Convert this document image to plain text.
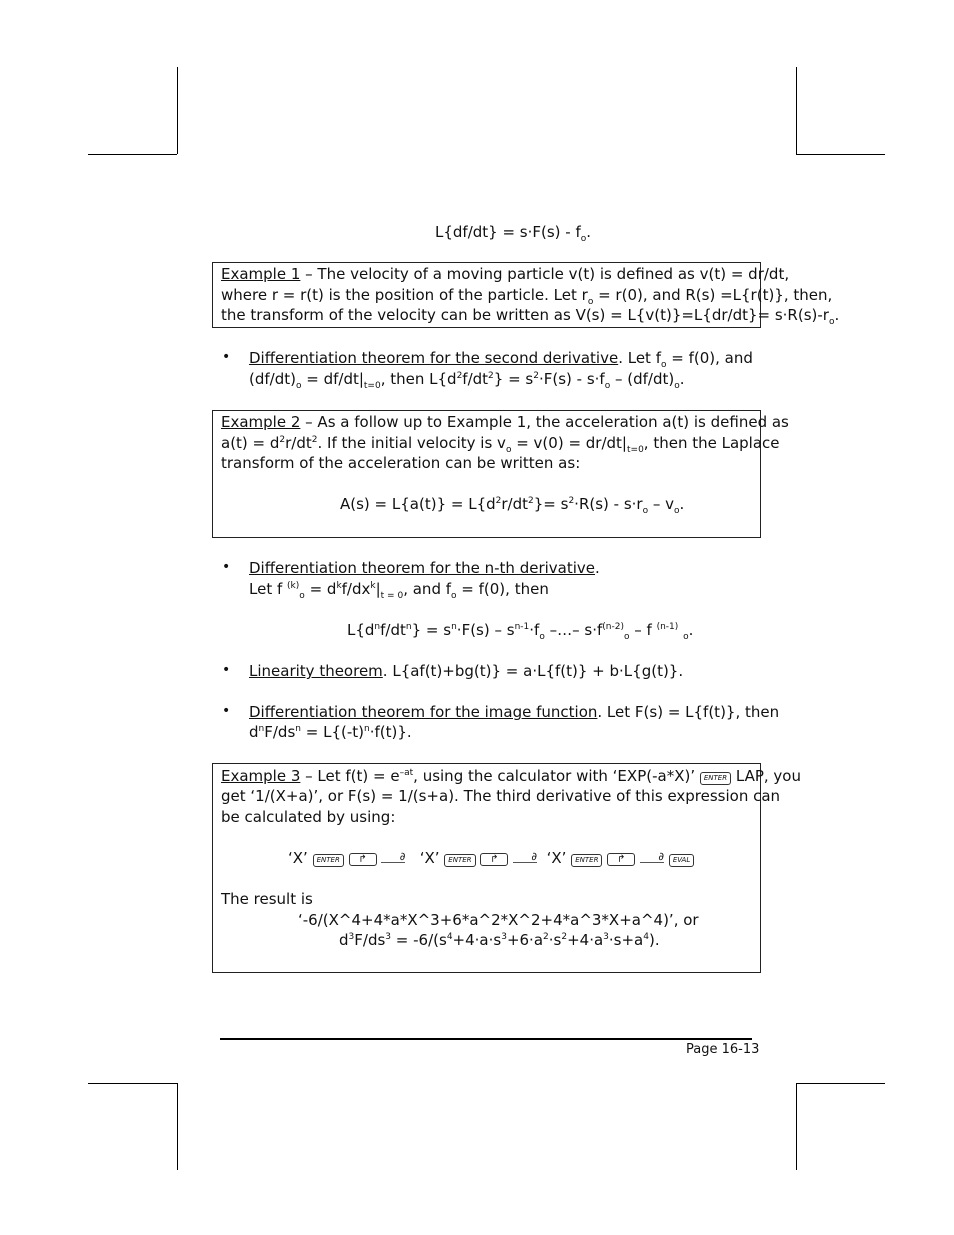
$L\{df/dt\} = s\cdot F(s) - f_o$.
Example 1 – The velocity of a moving particle v(t) is defined as v(t) = dr/dt,
where r = r(t) is the position of the particle. Let $r_o = r(0)$, and R(s) =L{r(t)}, then,
the transform of the velocity can be written as $V(s) = L\{v(t)\}=L\{dr/dt\}= s\cdot R(s)-r_o$.
• Differentiation theorem for the second derivative. Let $f_o = f(0)$, and
$(df/dt)_o = df/dt|_{t=0}$, then $L\{d^2f/dt^2\} = s^2\cdot F(s) - s\cdot f_o - (df/dt)_o$.
Example 2 – As a follow up to Example 1, the acceleration a(t) is defined as
$a(t) = d^2r/dt^2$. If the initial velocity is $v_o = v(0) = dr/dt|_{t=0}$, then the Laplace
transform of the acceleration can be written as:
$A(s) = L\{a(t)\} = L\{d^2r/dt^2\}= s^2\cdot R(s) - s\cdot r_o - v_o$.
• Differentiation theorem for the n-th derivative.
Let f $^{(k)}_o = d^kf/dx^k|_{t = 0}$, and $f_o = f(0)$, then
$L\{d^nf/dt^n\} = s^n\cdot F(s) - s^{n-1}\cdot f_o$ –…– $s\cdot f^{(n-2)}_o - f$ $^{(n-1)}$ $_o$.
• Linearity theorem. L{af(t)+bg(t)} = a·L{f(t)} + b·L{g(t)}.
• Differentiation theorem for the image function. Let F(s) = L{f(t)}, then
$d^nF/ds^n = L\{(-t)^n\cdot f(t)\}$.
Example 3 – Let $f(t) = e^{-at}$, using the calculator with ‘EXP(-a*X)’ ENTER LAP, you
get ‘1/(X+a)’, or F(s) = 1/(s+a). The third derivative of this expression can
be calculated by using:
‘X’ ENTER ↱	∂ ‘X’ ENTER ↱	∂ ‘X’ ENTER ↱	∂ EVAL
The result is
‘-6/(X^4+4*a*X^3+6*a^2*X^2+4*a^3*X+a^4)’, or
$d^3F/ds^3 = -6/(s^4+4\cdot a\cdot s^3+6\cdot a^2\cdot s^2+4\cdot a^3\cdot s+a^4)$.
Page 16-13
